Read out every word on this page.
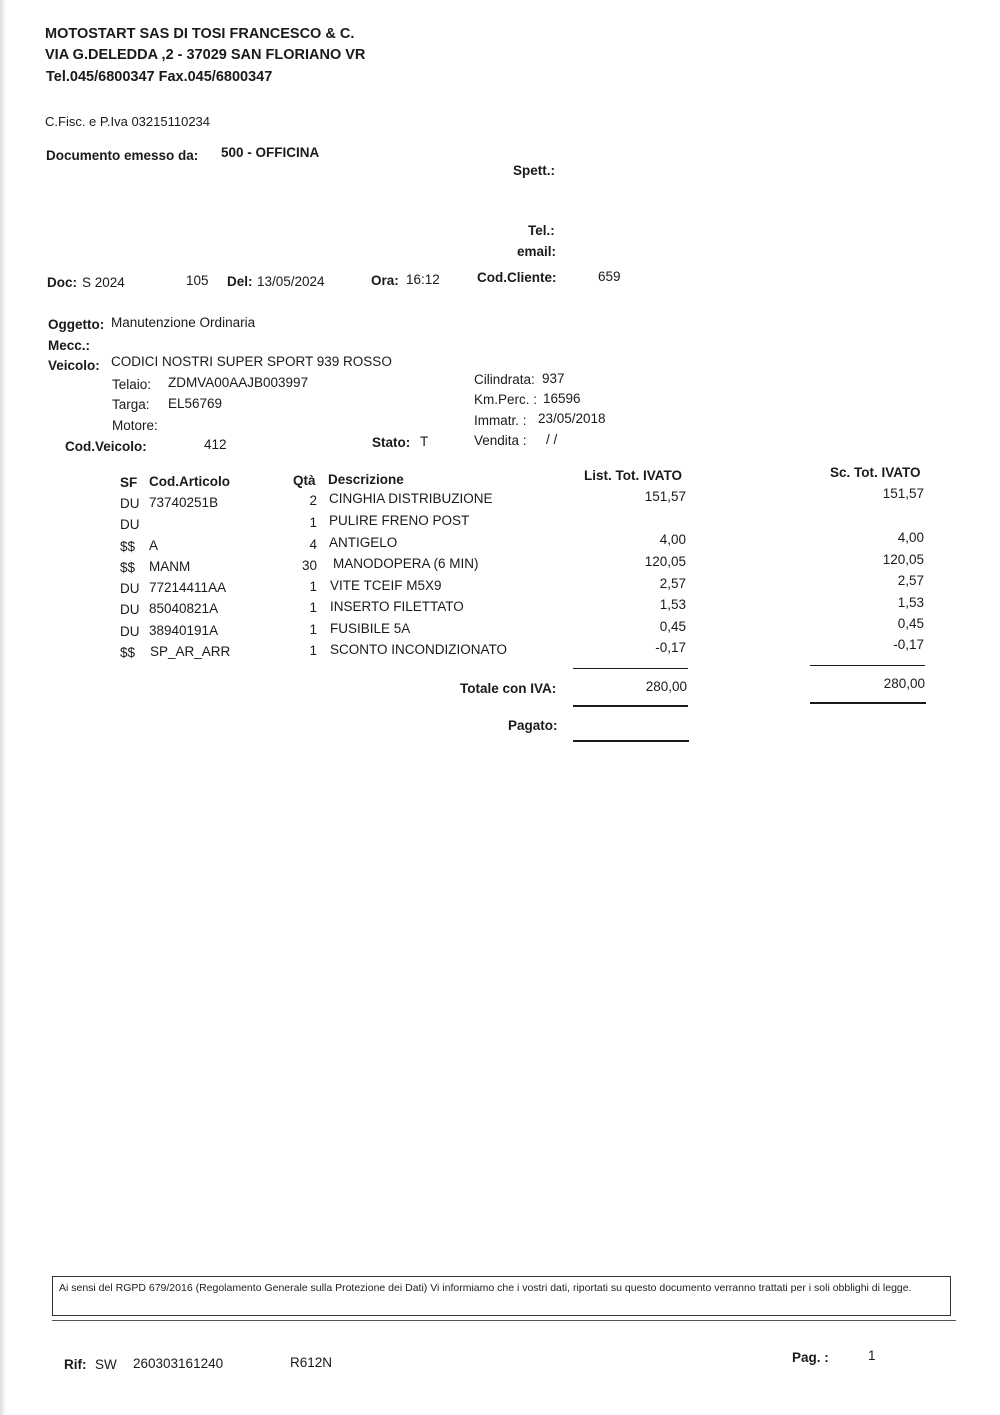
MOTOSTART SAS DI TOSI FRANCESCO & C.
VIA G.DELEDDA ,2 - 37029 SAN FLORIANO VR
Tel.045/6800347 Fax.045/6800347
C.Fisc. e P.Iva 03215110234
Documento emesso da: 500 - OFFICINA
Spett.:
Tel.:
email:
Doc: S 2024	105 Del: 13/05/2024	Ora: 16:12	Cod.Cliente:	659
Oggetto: Manutenzione Ordinaria
Mecc.:
Veicolo: CODICI NOSTRI SUPER SPORT 939 ROSSO
Telaio: ZDMVA00AAJB003997
Targa: EL56769
Motore:
Cod.Veicolo:	412	Stato: T
Cilindrata: 937
Km.Perc. : 16596
Immatr. : 23/05/2018
Vendita : / /
SF Cod.Articolo	Qtà Descrizione	List. Tot. IVATO	Sc. Tot. IVATO
DU 73740251B	2 CINGHIA DISTRIBUZIONE	151,57	151,57
DU	1 PULIRE FRENO POST
$$ A	4 ANTIGELO	4,00	4,00
$$ MANM	30 MANODOPERA (6 MIN)	120,05	120,05
DU 77214411AA	1 VITE TCEIF M5X9	2,57	2,57
DU 85040821A	1 INSERTO FILETTATO	1,53	1,53
DU 38940191A	1 FUSIBILE 5A	0,45	0,45
$$ SP_AR_ARR	1 SCONTO INCONDIZIONATO	-0,17	-0,17
Totale con IVA:	280,00	280,00
Pagato:
Ai sensi del RGPD 679/2016 (Regolamento Generale sulla Protezione dei Dati) Vi informiamo che i vostri dati, riportati su questo documento verranno trattati per i soli obblighi di legge.
Rif: SW 260303161240	R612N	Pag. :	1
